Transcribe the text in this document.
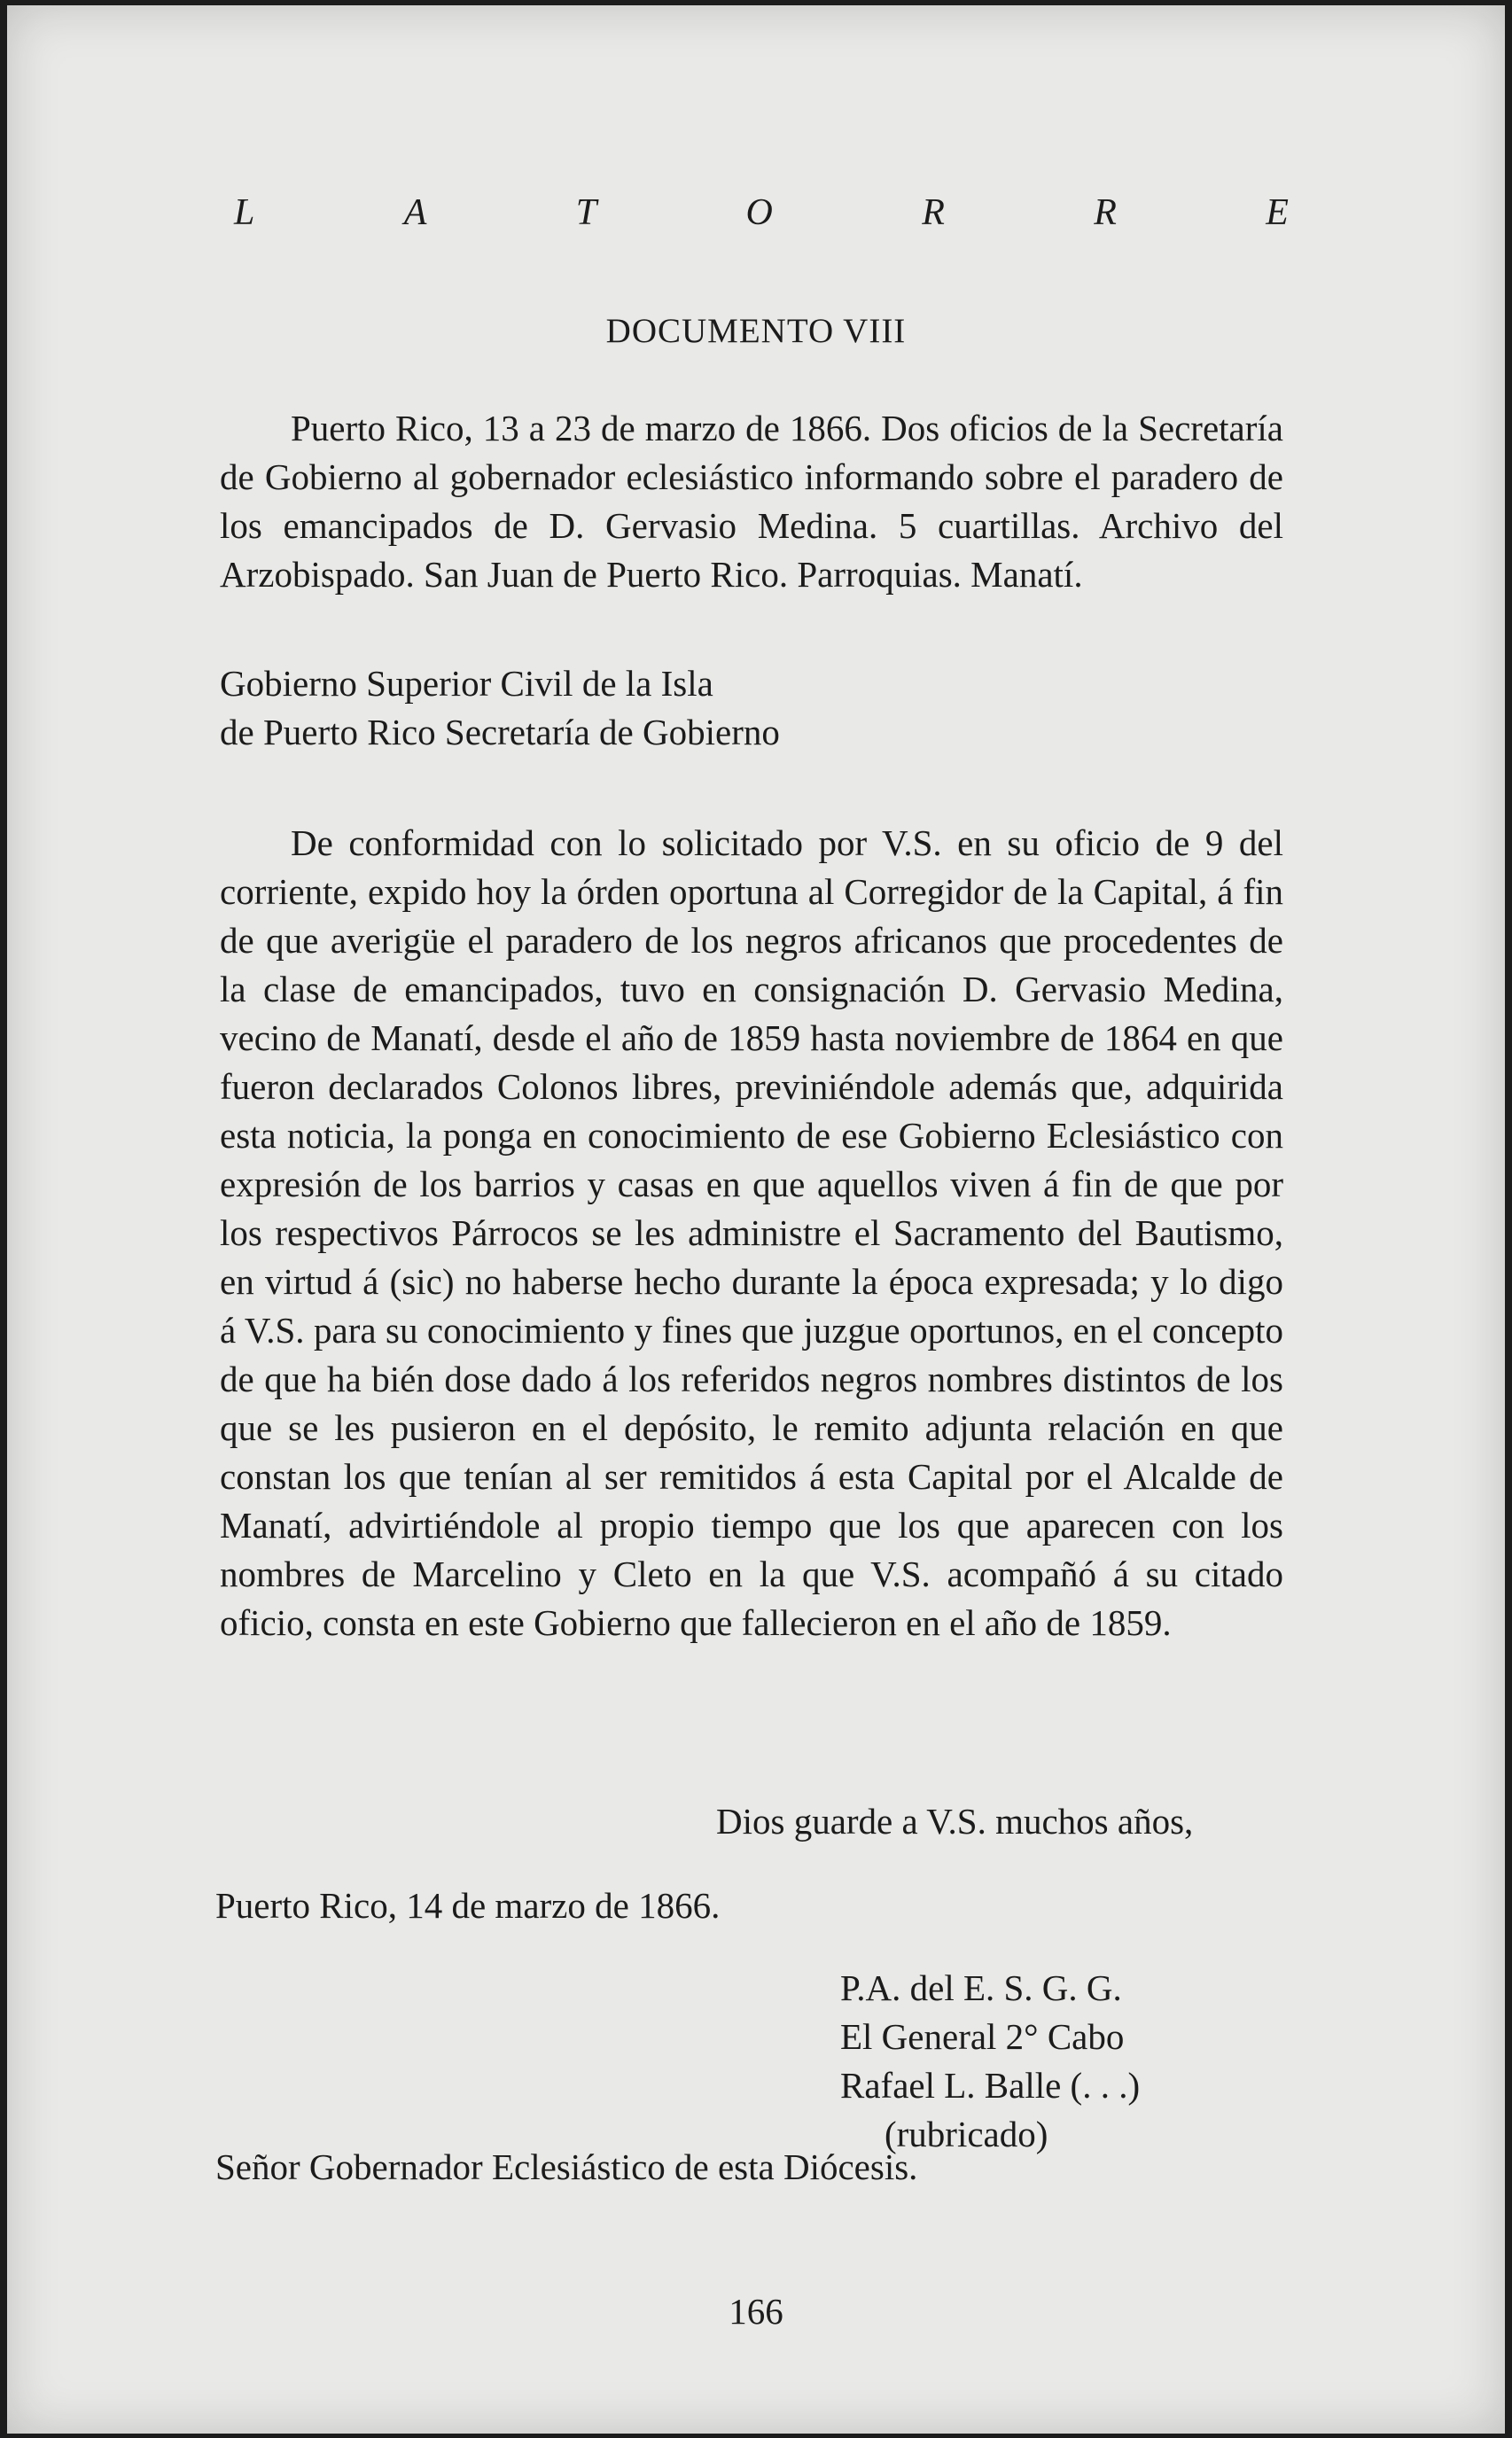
L	A	T	O	R	R	E
DOCUMENTO VIII

Puerto Rico, 13 a 23 de marzo de 1866. Dos oficios de la Secretaría de Gobierno al gobernador eclesiástico informando sobre el paradero de los emancipados de D. Gervasio Medina. 5 cuartillas. Archivo del Arzobispado. San Juan de Puerto Rico. Parroquias. Manatí.

Gobierno Superior Civil de la Isla
de Puerto Rico Secretaría de Gobierno

De conformidad con lo solicitado por V.S. en su oficio de 9 del corriente, expido hoy la órden oportuna al Corregidor de la Capital, á fin de que averigüe el paradero de los negros africanos que procedentes de la clase de emancipados, tuvo en consignación D. Gervasio Medina, vecino de Manatí, desde el año de 1859 hasta noviembre de 1864 en que fueron declarados Colonos libres, previniéndole además que, adquirida esta noticia, la ponga en conocimiento de ese Gobierno Eclesiástico con expresión de los barrios y casas en que aquellos viven á fin de que por los respectivos Párrocos se les administre el Sacramento del Bautismo, en virtud á (sic) no haberse hecho durante la época expresada; y lo digo á V.S. para su conocimiento y fines que juzgue oportunos, en el concepto de que ha bién dose dado á los referidos negros nombres distintos de los que se les pusieron en el depósito, le remito adjunta relación en que constan los que tenían al ser remitidos á esta Capital por el Alcalde de Manatí, advirtiéndole al propio tiempo que los que aparecen con los nombres de Marcelino y Cleto en la que V.S. acompañó á su citado oficio, consta en este Gobierno que fallecieron en el año de 1859.

Dios guarde a V.S. muchos años,
Puerto Rico, 14 de marzo de 1866.
P.A. del E. S. G. G.
El General 2° Cabo
Rafael L. Balle (. . .)
(rubricado)
Señor Gobernador Eclesiástico de esta Diócesis.
166
